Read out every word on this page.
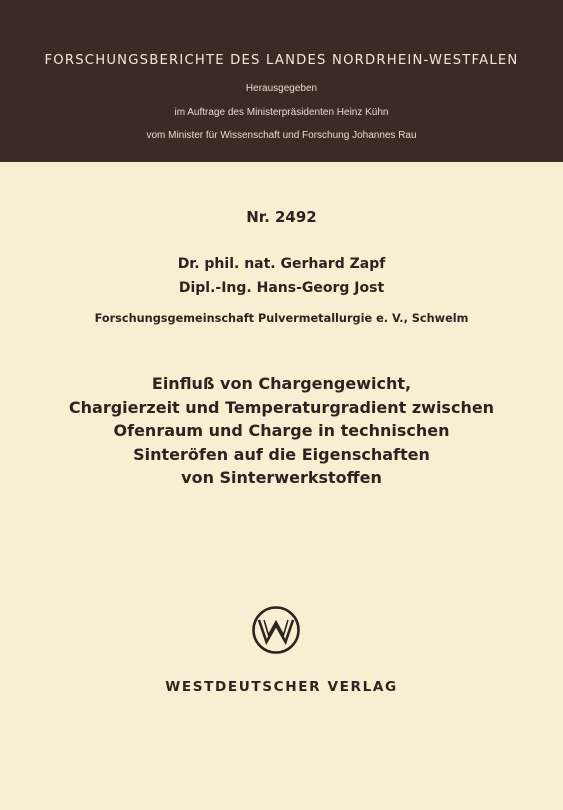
FORSCHUNGSBERICHTE DES LANDES NORDRHEIN-WESTFALEN
Herausgegeben
im Auftrage des Ministerpräsidenten Heinz Kühn
vom Minister für Wissenschaft und Forschung Johannes Rau
Nr. 2492
Dr. phil. nat. Gerhard Zapf
Dipl.-Ing. Hans-Georg Jost
Forschungsgemeinschaft Pulvermetallurgie e. V., Schwelm
Einfluß von Chargengewicht,
Chargierzeit und Temperaturgradient zwischen
Ofenraum und Charge in technischen
Sinteröfen auf die Eigenschaften
von Sinterwerkstoffen
WESTDEUTSCHER VERLAG
